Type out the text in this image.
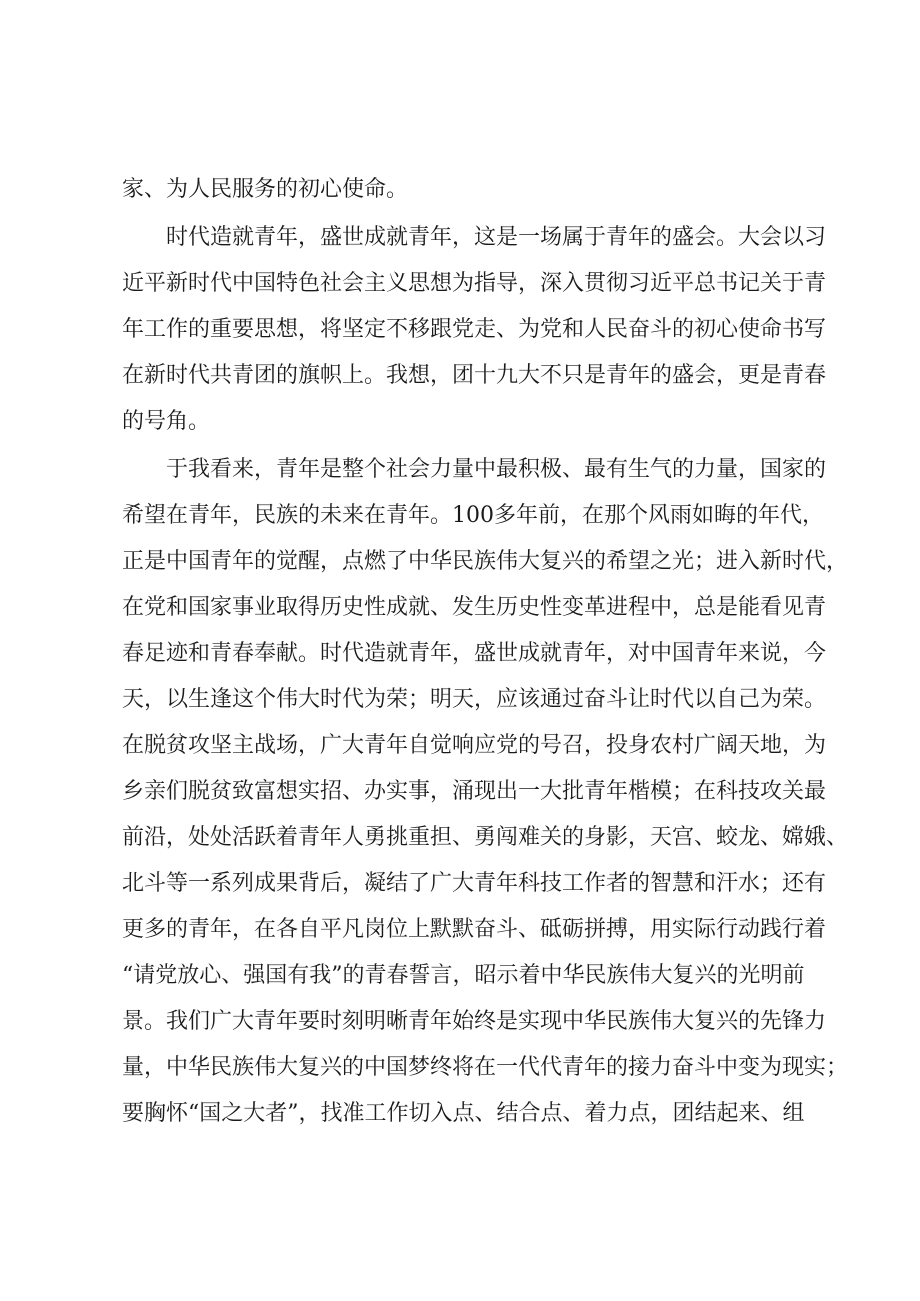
家、为人民服务的初心使命。
时代造就青年，盛世成就青年，这是一场属于青年的盛会。大会以习
近平新时代中国特色社会主义思想为指导，深入贯彻习近平总书记关于青
年工作的重要思想，将坚定不移跟党走、为党和人民奋斗的初心使命书写
在新时代共青团的旗帜上。我想，团十九大不只是青年的盛会，更是青春
的号角。
于我看来，青年是整个社会力量中最积极、最有生气的力量，国家的
希望在青年，民族的未来在青年。100多年前，在那个风雨如晦的年代，
正是中国青年的觉醒，点燃了中华民族伟大复兴的希望之光；进入新时代，
在党和国家事业取得历史性成就、发生历史性变革进程中，总是能看见青
春足迹和青春奉献。时代造就青年，盛世成就青年，对中国青年来说，今
天，以生逢这个伟大时代为荣；明天，应该通过奋斗让时代以自己为荣。
在脱贫攻坚主战场，广大青年自觉响应党的号召，投身农村广阔天地，为
乡亲们脱贫致富想实招、办实事，涌现出一大批青年楷模；在科技攻关最
前沿，处处活跃着青年人勇挑重担、勇闯难关的身影，天宫、蛟龙、嫦娥、
北斗等一系列成果背后，凝结了广大青年科技工作者的智慧和汗水；还有
更多的青年，在各自平凡岗位上默默奋斗、砥砺拼搏，用实际行动践行着
“请党放心、强国有我”的青春誓言，昭示着中华民族伟大复兴的光明前
景。我们广大青年要时刻明晰青年始终是实现中华民族伟大复兴的先锋力
量，中华民族伟大复兴的中国梦终将在一代代青年的接力奋斗中变为现实；
要胸怀“国之大者”，找准工作切入点、结合点、着力点，团结起来、组
